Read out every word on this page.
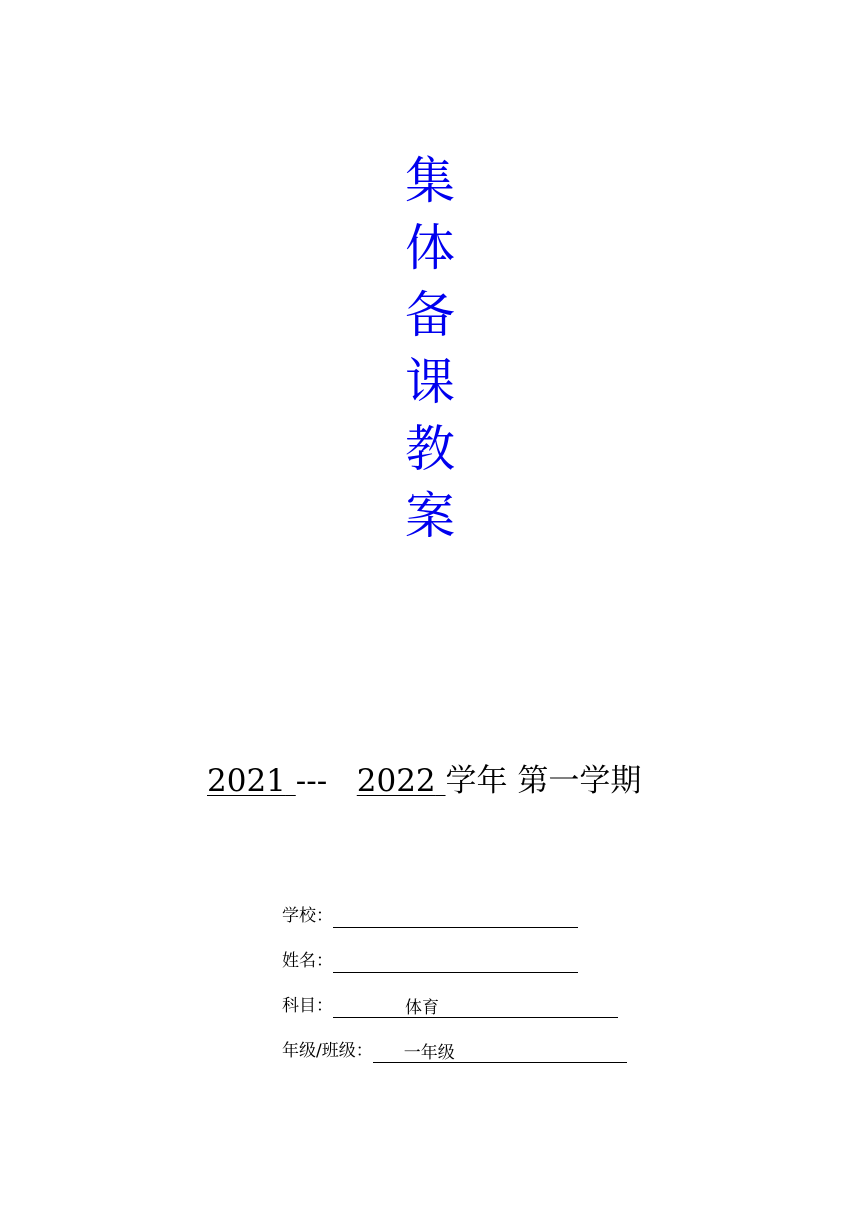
集
体
备
课
教
案
2021 --- 2022 学年 第一学期
学校：
姓名：
科目：	体育
年级/班级： 一年级
